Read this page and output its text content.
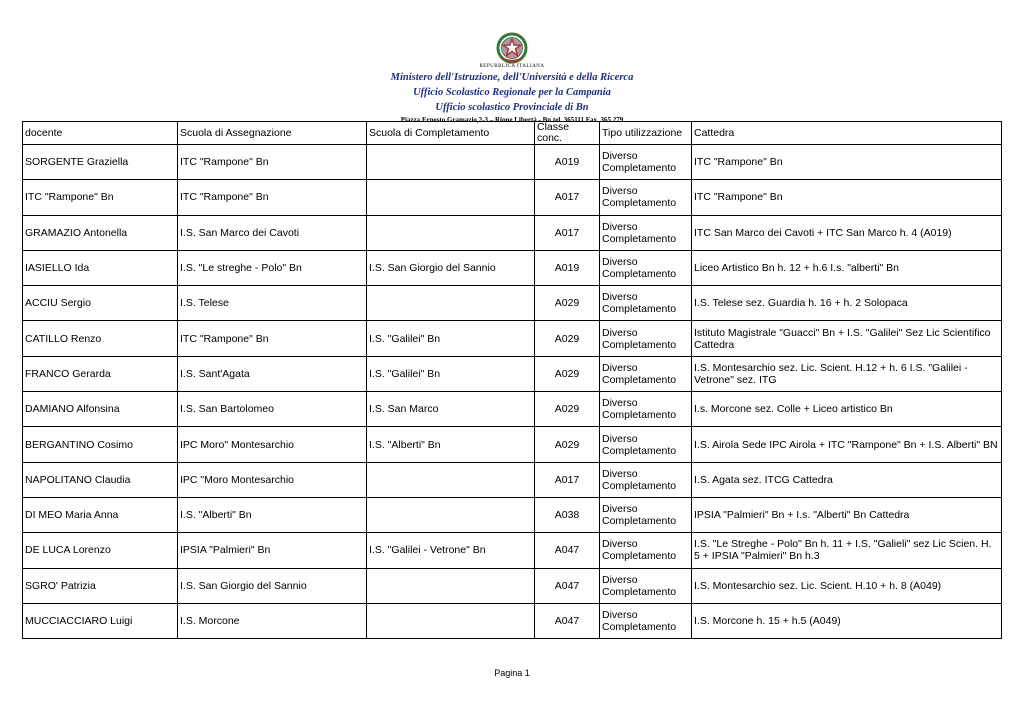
REPUBBLICA ITALIANA
Ministero dell'Istruzione, dell'Università e della Ricerca
Ufficio Scolastico Regionale per la Campania
Ufficio scolastico Provinciale di Bn
Piazza Ernesto Gramazio,2-3 – Rione Libertà - Bn tel. 365111 Fax. 365 279
docente	Scuola di Assegnazione	Scuola di Completamento	Classe conc.	Tipo utilizzazione	Cattedra
SORGENTE Graziella	ITC "Rampone" Bn		A019	Diverso Completamento	ITC "Rampone" Bn
ITC "Rampone" Bn	ITC "Rampone" Bn		A017	Diverso Completamento	ITC "Rampone" Bn
GRAMAZIO Antonella	I.S. San Marco dei Cavoti		A017	Diverso Completamento	ITC San Marco dei Cavoti + ITC San Marco h. 4 (A019)
IASIELLO Ida	I.S. "Le streghe - Polo" Bn	I.S. San Giorgio del Sannio	A019	Diverso Completamento	Liceo Artistico Bn h. 12 + h.6 I.s. "alberti" Bn
ACCIU Sergio	I.S. Telese		A029	Diverso Completamento	I.S. Telese sez. Guardia h. 16 + h. 2 Solopaca
CATILLO Renzo	ITC "Rampone" Bn	I.S. "Galilei" Bn	A029	Diverso Completamento	Istituto Magistrale "Guacci" Bn + I.S. "Galilei" Sez Lic Scientifico Cattedra
FRANCO Gerarda	I.S. Sant'Agata	I.S. "Galilei" Bn	A029	Diverso Completamento	I.S. Montesarchio sez. Lic. Scient. H.12 + h. 6 I.S. "Galilei - Vetrone" sez. ITG
DAMIANO Alfonsina	I.S. San Bartolomeo	I.S. San Marco	A029	Diverso Completamento	I.s. Morcone sez. Colle + Liceo artistico Bn
BERGANTINO Cosimo	IPC Moro" Montesarchio	I.S. "Alberti" Bn	A029	Diverso Completamento	I.S. Airola Sede IPC Airola + ITC "Rampone" Bn + I.S. Alberti" BN
NAPOLITANO Claudia	IPC "Moro Montesarchio		A017	Diverso Completamento	I.S. Agata sez. ITCG Cattedra
DI MEO Maria Anna	I.S. "Alberti" Bn		A038	Diverso Completamento	IPSIA "Palmieri" Bn + I.s. "Alberti" Bn Cattedra
DE LUCA Lorenzo	IPSIA "Palmieri" Bn	I.S. "Galilei - Vetrone" Bn	A047	Diverso Completamento	I.S. "Le Streghe - Polo" Bn h. 11 + I.S. "Galieli" sez Lic Scien. H. 5 + IPSIA "Palmieri" Bn h.3
SGRO' Patrizia	I.S. San Giorgio del Sannio		A047	Diverso Completamento	I.S. Montesarchio sez. Lic. Scient. H.10 + h. 8 (A049)
MUCCIACCIARO Luigi	I.S. Morcone		A047	Diverso Completamento	I.S. Morcone h. 15 + h.5 (A049)
Pagina 1
